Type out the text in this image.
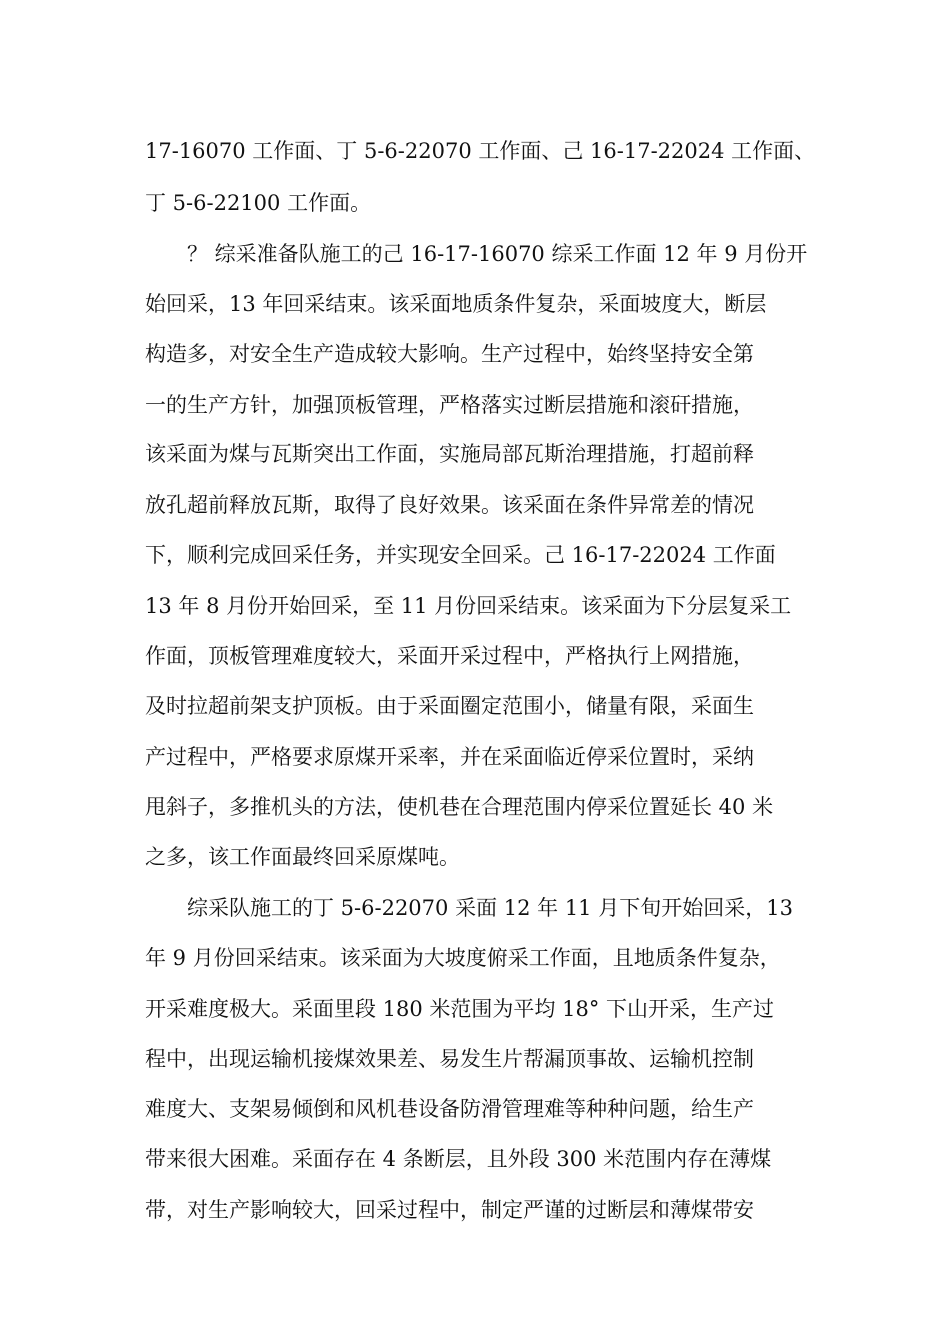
17-16070 工作面、丁 5-6-22070 工作面、己 16-17-22024 工作面、
丁 5-6-22100 工作面。
？ 综采准备队施工的己 16-17-16070 综采工作面 12 年 9 月份开
始回采，13 年回采结束。该采面地质条件复杂，采面坡度大，断层
构造多，对安全生产造成较大影响。生产过程中，始终坚持安全第
一的生产方针，加强顶板管理，严格落实过断层措施和滚矸措施，
该采面为煤与瓦斯突出工作面，实施局部瓦斯治理措施，打超前释
放孔超前释放瓦斯，取得了良好效果。该采面在条件异常差的情况
下，顺利完成回采任务，并实现安全回采。己 16-17-22024 工作面
13 年 8 月份开始回采，至 11 月份回采结束。该采面为下分层复采工
作面，顶板管理难度较大，采面开采过程中，严格执行上网措施，
及时拉超前架支护顶板。由于采面圈定范围小，储量有限，采面生
产过程中，严格要求原煤开采率，并在采面临近停采位置时，采纳
甩斜子，多推机头的方法，使机巷在合理范围内停采位置延长 40 米
之多，该工作面最终回采原煤吨。
综采队施工的丁 5-6-22070 采面 12 年 11 月下旬开始回采，13
年 9 月份回采结束。该采面为大坡度俯采工作面，且地质条件复杂，
开采难度极大。采面里段 180 米范围为平均 18° 下山开采，生产过
程中，出现运输机接煤效果差、易发生片帮漏顶事故、运输机控制
难度大、支架易倾倒和风机巷设备防滑管理难等种种问题，给生产
带来很大困难。采面存在 4 条断层，且外段 300 米范围内存在薄煤
带，对生产影响较大，回采过程中，制定严谨的过断层和薄煤带安
